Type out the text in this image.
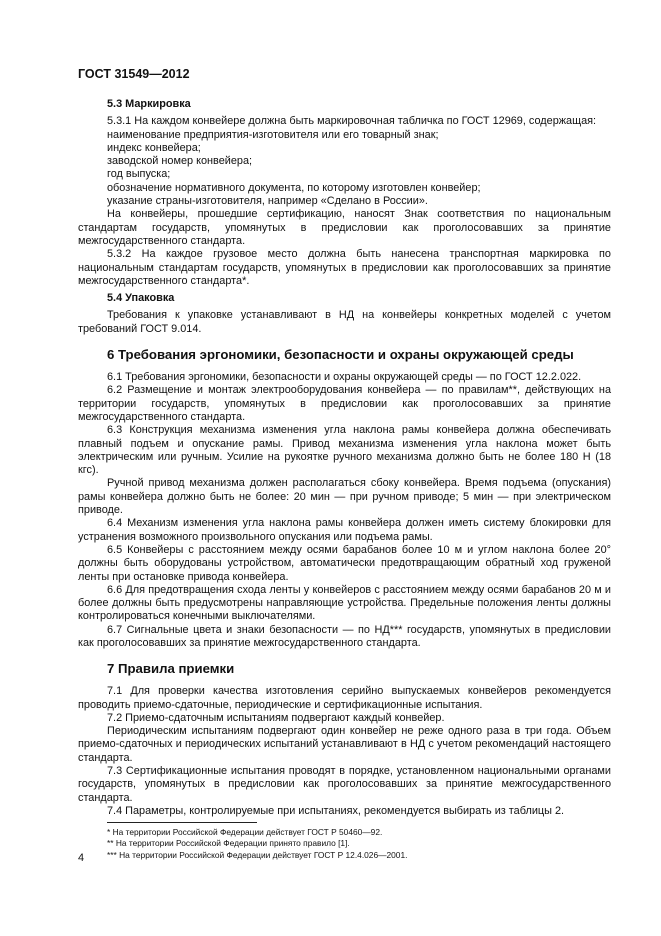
ГОСТ 31549—2012
5.3 Маркировка

5.3.1 На каждом конвейере должна быть маркировочная табличка по ГОСТ 12969, содержащая:

наименование предприятия-изготовителя или его товарный знак;

индекс конвейера;

заводской номер конвейера;

год выпуска;

обозначение нормативного документа, по которому изготовлен конвейер;

указание страны-изготовителя, например «Сделано в России».

На конвейеры, прошедшие сертификацию, наносят Знак соответствия по национальным стандартам государств, упомянутых в предисловии как проголосовавших за принятие межгосударственного стандарта.

5.3.2 На каждое грузовое место должна быть нанесена транспортная маркировка по национальным стандартам государств, упомянутых в предисловии как проголосовавших за принятие межгосударственного стандарта*.

5.4 Упаковка

Требования к упаковке устанавливают в НД на конвейеры конкретных моделей с учетом требований ГОСТ 9.014.

6 Требования эргономики, безопасности и охраны окружающей среды

6.1 Требования эргономики, безопасности и охраны окружающей среды — по ГОСТ 12.2.022.

6.2 Размещение и монтаж электрооборудования конвейера — по правилам**, действующих на территории государств, упомянутых в предисловии как проголосовавших за принятие межгосударственного стандарта.

6.3 Конструкция механизма изменения угла наклона рамы конвейера должна обеспечивать плавный подъем и опускание рамы. Привод механизма изменения угла наклона может быть электрическим или ручным. Усилие на рукоятке ручного механизма должно быть не более 180 Н (18 кгс).

Ручной привод механизма должен располагаться сбоку конвейера. Время подъема (опускания) рамы конвейера должно быть не более: 20 мин — при ручном приводе; 5 мин — при электрическом приводе.

6.4 Механизм изменения угла наклона рамы конвейера должен иметь систему блокировки для устранения возможного произвольного опускания или подъема рамы.

6.5 Конвейеры с расстоянием между осями барабанов более 10 м и углом наклона более 20° должны быть оборудованы устройством, автоматически предотвращающим обратный ход груженой ленты при остановке привода конвейера.

6.6 Для предотвращения схода ленты у конвейеров с расстоянием между осями барабанов 20 м и более должны быть предусмотрены направляющие устройства. Предельные положения ленты должны контролироваться конечными выключателями.

6.7 Сигнальные цвета и знаки безопасности — по НД*** государств, упомянутых в предисловии как проголосовавших за принятие межгосударственного стандарта.

7 Правила приемки

7.1 Для проверки качества изготовления серийно выпускаемых конвейеров рекомендуется проводить приемо-сдаточные, периодические и сертификационные испытания.

7.2 Приемо-сдаточным испытаниям подвергают каждый конвейер.

Периодическим испытаниям подвергают один конвейер не реже одного раза в три года. Объем приемо-сдаточных и периодических испытаний устанавливают в НД с учетом рекомендаций настоящего стандарта.

7.3 Сертификационные испытания проводят в порядке, установленном национальными органами государств, упомянутых в предисловии как проголосовавших за принятие межгосударственного стандарта.

7.4 Параметры, контролируемые при испытаниях, рекомендуется выбирать из таблицы 2.

* На территории Российской Федерации действует ГОСТ Р 50460—92.

** На территории Российской Федерации принято правило [1].

*** На территории Российской Федерации действует ГОСТ Р 12.4.026—2001.

4
